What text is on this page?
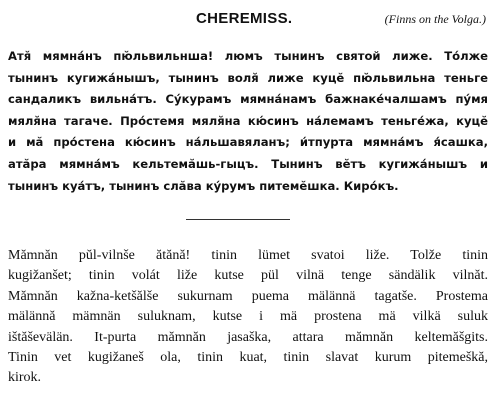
CHEREMISS.	(Finns on the Volga.)
Атя̆ мямна́нъ пю̆львильнша! люмъ тынинъ святой лиже. То́лже
тынинъ кугижа́нышъ, тынинъ воля̆ лиже куцӗ пю̆львильна теньге
сандаликъ вильна́тъ. Су́курамъ мямна́намъ бажнаке́чалшамъ пу́мя
мяля̆на тагаче. Про́стемя мяля̆на кю́синъ на́лемамъ теньге́жа, куцӗ
и мӑ про́стена кю́синъ на́льшавяланъ; и́тпурта мямна́мъ я́сашка,
атӑра мямна́мъ кельтемӑшь-гыцъ. Тынинъ вӗтъ кугижа́нышъ и
тынинъ куа́тъ, тынинъ слӑва ку́румъ питемӗшка. Киро́къ.
Mămnăn pŭl-vilnše ătănă! tinin lümet svatoi liže. Tolže tinin
kugižanšet; tinin volát liže kutse pül vilnä tenge sändälik vilnăt.
Mămnăn kažna-ketšălše sukurnam puema mälännä tagatše. Prostema
mälännă mämnän suluknam, kutse i mä prostena mä vilkä suluk
ištăševälän. It-purta mămnăn jasaška, attara mămnăn keltemăšgits.
Tinin vet kugižaneš ola, tinin kuat, tinin slavat kurum pitemeškă,
kirok.
